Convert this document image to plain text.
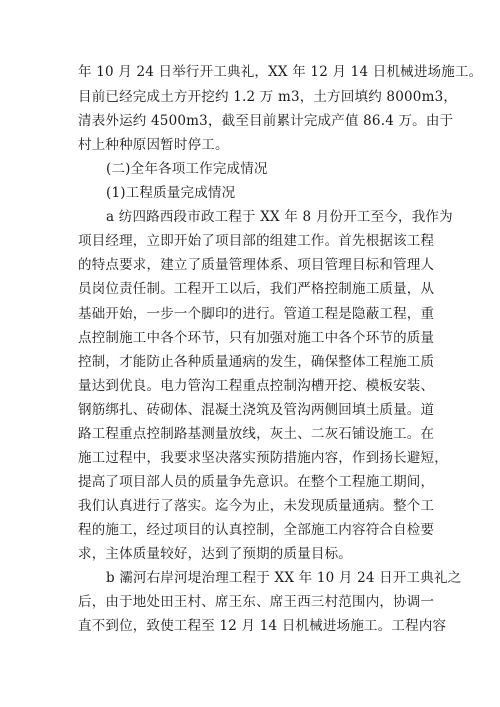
年 10 月 24 日举行开工典礼，XX 年 12 月 14 日机械进场施工。
目前已经完成土方开挖约 1.2 万 m3，土方回填约 8000m3，
清表外运约 4500m3，截至目前累计完成产值 86.4 万。由于
村上种种原因暂时停工。
(二)全年各项工作完成情况
(1)工程质量完成情况
a 纺四路西段市政工程于 XX 年 8 月份开工至今，我作为
项目经理，立即开始了项目部的组建工作。首先根据该工程
的特点要求，建立了质量管理体系、项目管理目标和管理人
员岗位责任制。工程开工以后，我们严格控制施工质量，从
基础开始，一步一个脚印的进行。管道工程是隐蔽工程，重
点控制施工中各个环节，只有加强对施工中各个环节的质量
控制，才能防止各种质量通病的发生，确保整体工程施工质
量达到优良。电力管沟工程重点控制沟槽开挖、模板安装、
钢筋绑扎、砖砌体、混凝土浇筑及管沟两侧回填土质量。道
路工程重点控制路基测量放线，灰土、二灰石铺设施工。在
施工过程中，我要求坚决落实预防措施内容，作到扬长避短，
提高了项目部人员的质量争先意识。在整个工程施工期间，
我们认真进行了落实。迄今为止，未发现质量通病。整个工
程的施工，经过项目的认真控制，全部施工内容符合自检要
求，主体质量较好，达到了预期的质量目标。
b 灞河右岸河堤治理工程于 XX 年 10 月 24 日开工典礼之
后，由于地处田王村、席王东、席王西三村范围内，协调一
直不到位，致使工程至 12 月 14 日机械进场施工。工程内容
